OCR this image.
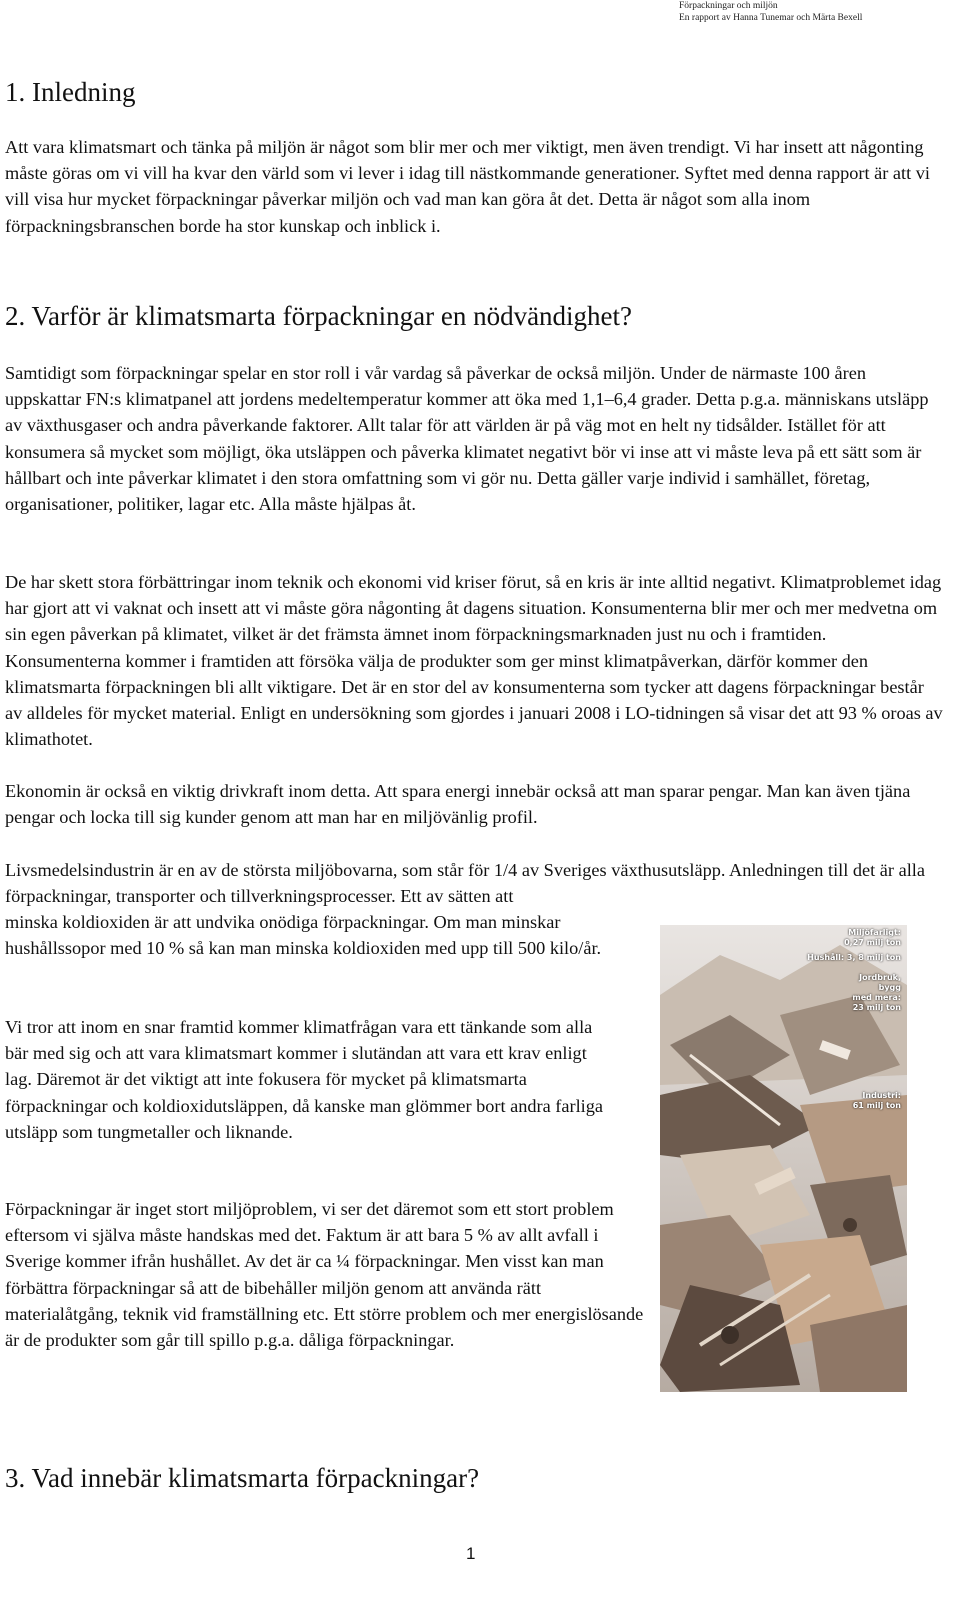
Förpackningar och miljön
En rapport av Hanna Tunemar och Märta Bexell
1. Inledning

Att vara klimatsmart och tänka på miljön är något som blir mer och mer viktigt, men även trendigt. Vi har insett att någonting måste göras om vi vill ha kvar den värld som vi lever i idag till nästkommande generationer. Syftet med denna rapport är att vi vill visa hur mycket förpackningar påverkar miljön och vad man kan göra åt det. Detta är något som alla inom förpackningsbranschen borde ha stor kunskap och inblick i.

2. Varför är klimatsmarta förpackningar en nödvändighet?

Samtidigt som förpackningar spelar en stor roll i vår vardag så påverkar de också miljön. Under de närmaste 100 åren uppskattar FN:s klimatpanel att jordens medeltemperatur kommer att öka med 1,1–6,4 grader. Detta p.g.a. människans utsläpp av växthusgaser och andra påverkande faktorer. Allt talar för att världen är på väg mot en helt ny tidsålder. Istället för att konsumera så mycket som möjligt, öka utsläppen och påverka klimatet negativt bör vi inse att vi måste leva på ett sätt som är hållbart och inte påverkar klimatet i den stora omfattning som vi gör nu. Detta gäller varje individ i samhället, företag, organisationer, politiker, lagar etc. Alla måste hjälpas åt.

De har skett stora förbättringar inom teknik och ekonomi vid kriser förut, så en kris är inte alltid negativt. Klimatproblemet idag har gjort att vi vaknat och insett att vi måste göra någonting åt dagens situation. Konsumenterna blir mer och mer medvetna om sin egen påverkan på klimatet, vilket är det främsta ämnet inom förpackningsmarknaden just nu och i framtiden. Konsumenterna kommer i framtiden att försöka välja de produkter som ger minst klimatpåverkan, därför kommer den klimatsmarta förpackningen bli allt viktigare. Det är en stor del av konsumenterna som tycker att dagens förpackningar består av alldeles för mycket material. Enligt en undersökning som gjordes i januari 2008 i LO-tidningen så visar det att 93 % oroas av klimathotet.

Ekonomin är också en viktig drivkraft inom detta. Att spara energi innebär också att man sparar pengar. Man kan även tjäna pengar och locka till sig kunder genom att man har en miljövänlig profil.

Livsmedelsindustrin är en av de största miljöbovarna, som står för 1/4 av Sveriges växthusutsläpp. Anledningen till det är alla förpackningar, transporter och tillverkningsprocesser. Ett av sätten att

minska koldioxiden är att undvika onödiga förpackningar. Om man minskar hushållssopor med 10 % så kan man minska koldioxiden med upp till 500 kilo/år.

Vi tror att inom en snar framtid kommer klimatfrågan vara ett tänkande som alla bär med sig och att vara klimatsmart kommer i slutändan att vara ett krav enligt lag. Däremot är det viktigt att inte fokusera för mycket på klimatsmarta förpackningar och koldioxidutsläppen, då kanske man glömmer bort andra farliga utsläpp som tungmetaller och liknande.

Förpackningar är inget stort miljöproblem, vi ser det däremot som ett stort problem eftersom vi själva måste handskas med det. Faktum är att bara 5 % av allt avfall i Sverige kommer ifrån hushållet. Av det är ca ¼ förpackningar. Men visst kan man förbättra förpackningar så att de bibehåller miljön genom att använda rätt materialåtgång, teknik vid framställning etc. Ett större problem och mer energislösande är de produkter som går till spillo p.g.a. dåliga förpackningar.

Miljöfarligt:
0,27 milj ton
Hushåll: 3, 8 milj ton
Jordbruk,
bygg
med mera:
23 milj ton
Industri:
61 milj ton
3. Vad innebär klimatsmarta förpackningar?
1
